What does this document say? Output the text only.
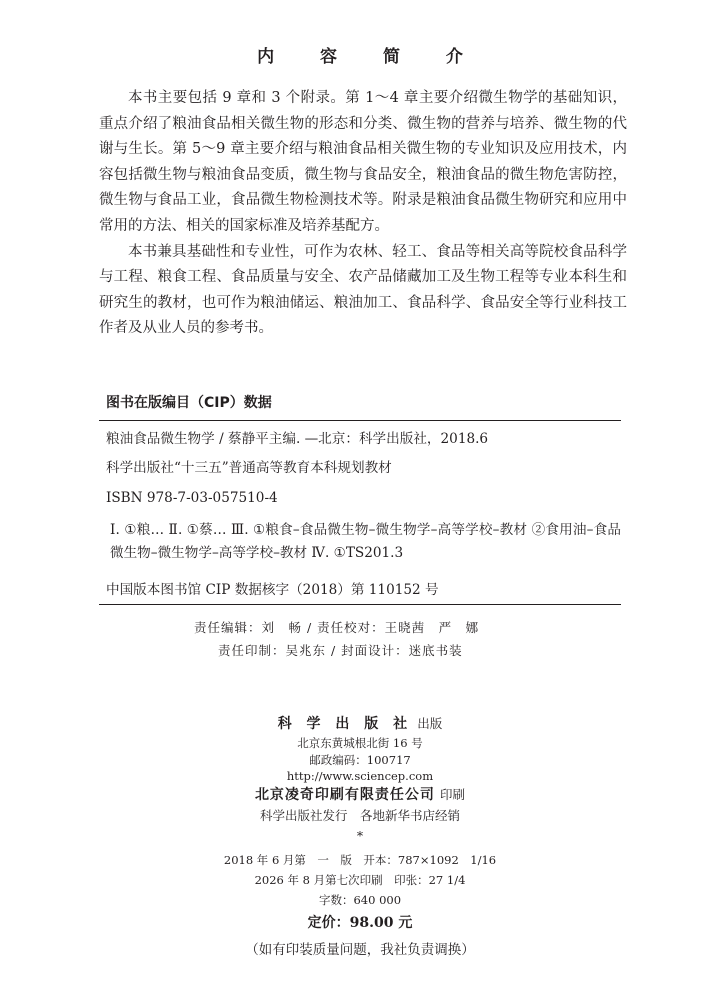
内 容 简 介

本书主要包括 9 章和 3 个附录。第 1～4 章主要介绍微生物学的基础知识，重点介绍了粮油食品相关微生物的形态和分类、微生物的营养与培养、微生物的代谢与生长。第 5～9 章主要介绍与粮油食品相关微生物的专业知识及应用技术，内容包括微生物与粮油食品变质，微生物与食品安全，粮油食品的微生物危害防控，微生物与食品工业，食品微生物检测技术等。附录是粮油食品微生物研究和应用中常用的方法、相关的国家标准及培养基配方。

本书兼具基础性和专业性，可作为农林、轻工、食品等相关高等院校食品科学与工程、粮食工程、食品质量与安全、农产品储藏加工及生物工程等专业本科生和研究生的教材，也可作为粮油储运、粮油加工、食品科学、食品安全等行业科技工作者及从业人员的参考书。

图书在版编目（CIP）数据
粮油食品微生物学 / 蔡静平主编. —北京：科学出版社，2018.6
科学出版社“十三五”普通高等教育本科规划教材
ISBN 978-7-03-057510-4
Ⅰ. ①粮… Ⅱ. ①蔡… Ⅲ. ①粮食–食品微生物–微生物学–高等学校–教材 ②食用油–食品微生物–微生物学–高等学校–教材 Ⅳ. ①TS201.3
中国版本图书馆 CIP 数据核字（2018）第 110152 号
责任编辑：刘　畅 / 责任校对：王晓茜　严　娜
责任印制：吴兆东 / 封面设计：迷底书装
科 学 出 版 社 出版
北京东黄城根北街 16 号
邮政编码：100717
http://www.sciencep.com
北京凌奇印刷有限责任公司 印刷
科学出版社发行　各地新华书店经销
*
2018 年 6 月第　一　版　开本：787×1092　1/16
2026 年 8 月第七次印刷　印张：27 1/4
字数：640 000
定价：98.00 元
（如有印装质量问题，我社负责调换）
